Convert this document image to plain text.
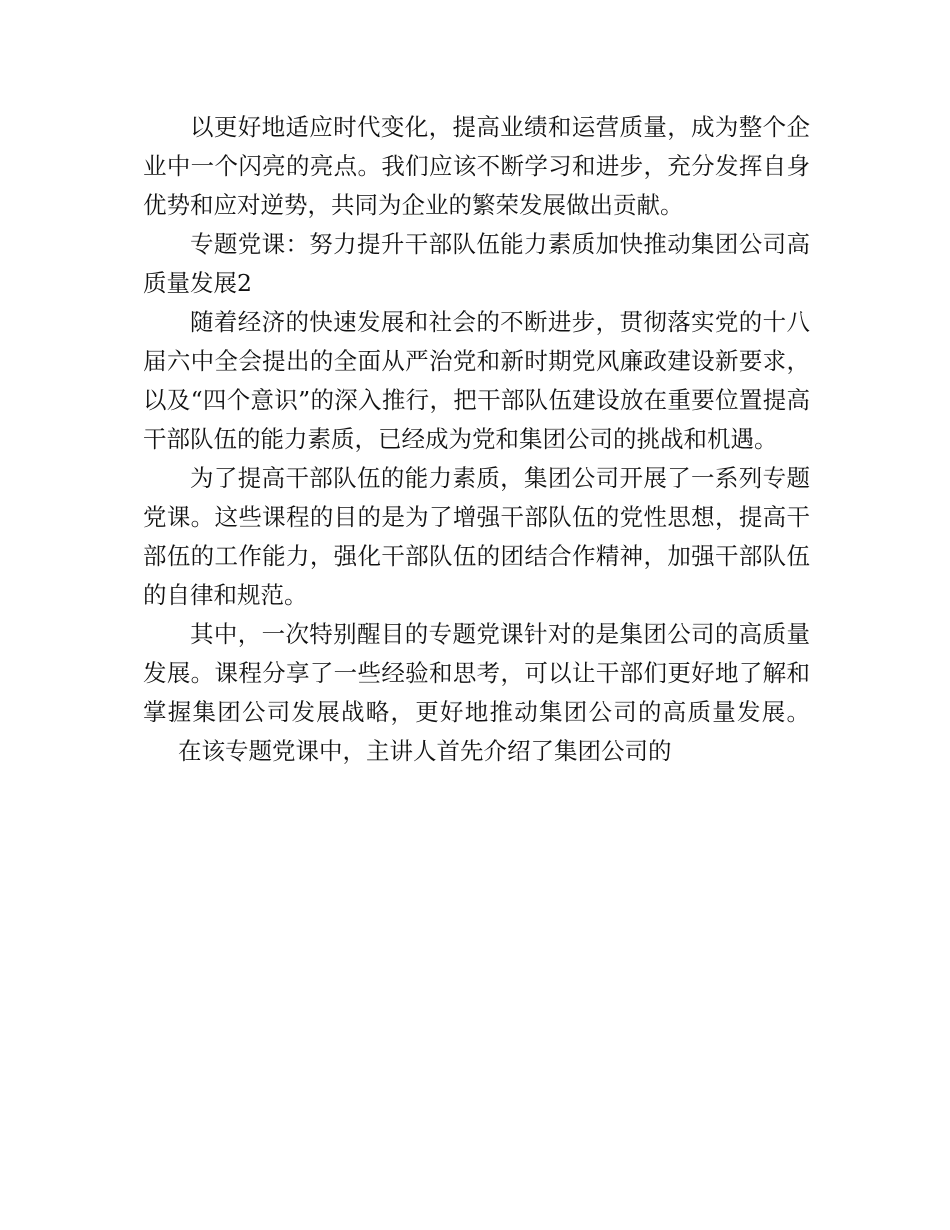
以更好地适应时代变化，提高业绩和运营质量，成为整个企业中一个闪亮的亮点。我们应该不断学习和进步，充分发挥自身优势和应对逆势，共同为企业的繁荣发展做出贡献。

专题党课：努力提升干部队伍能力素质加快推动集团公司高质量发展2

随着经济的快速发展和社会的不断进步，贯彻落实党的十八届六中全会提出的全面从严治党和新时期党风廉政建设新要求，以及“四个意识”的深入推行，把干部队伍建设放在重要位置提高干部队伍的能力素质，已经成为党和集团公司的挑战和机遇。

为了提高干部队伍的能力素质，集团公司开展了一系列专题党课。这些课程的目的是为了增强干部队伍的党性思想，提高干部伍的工作能力，强化干部队伍的团结合作精神，加强干部队伍的自律和规范。

其中，一次特别醒目的专题党课针对的是集团公司的高质量发展。课程分享了一些经验和思考，可以让干部们更好地了解和掌握集团公司发展战略，更好地推动集团公司的高质量发展。在该专题党课中，主讲人首先介绍了集团公司的
